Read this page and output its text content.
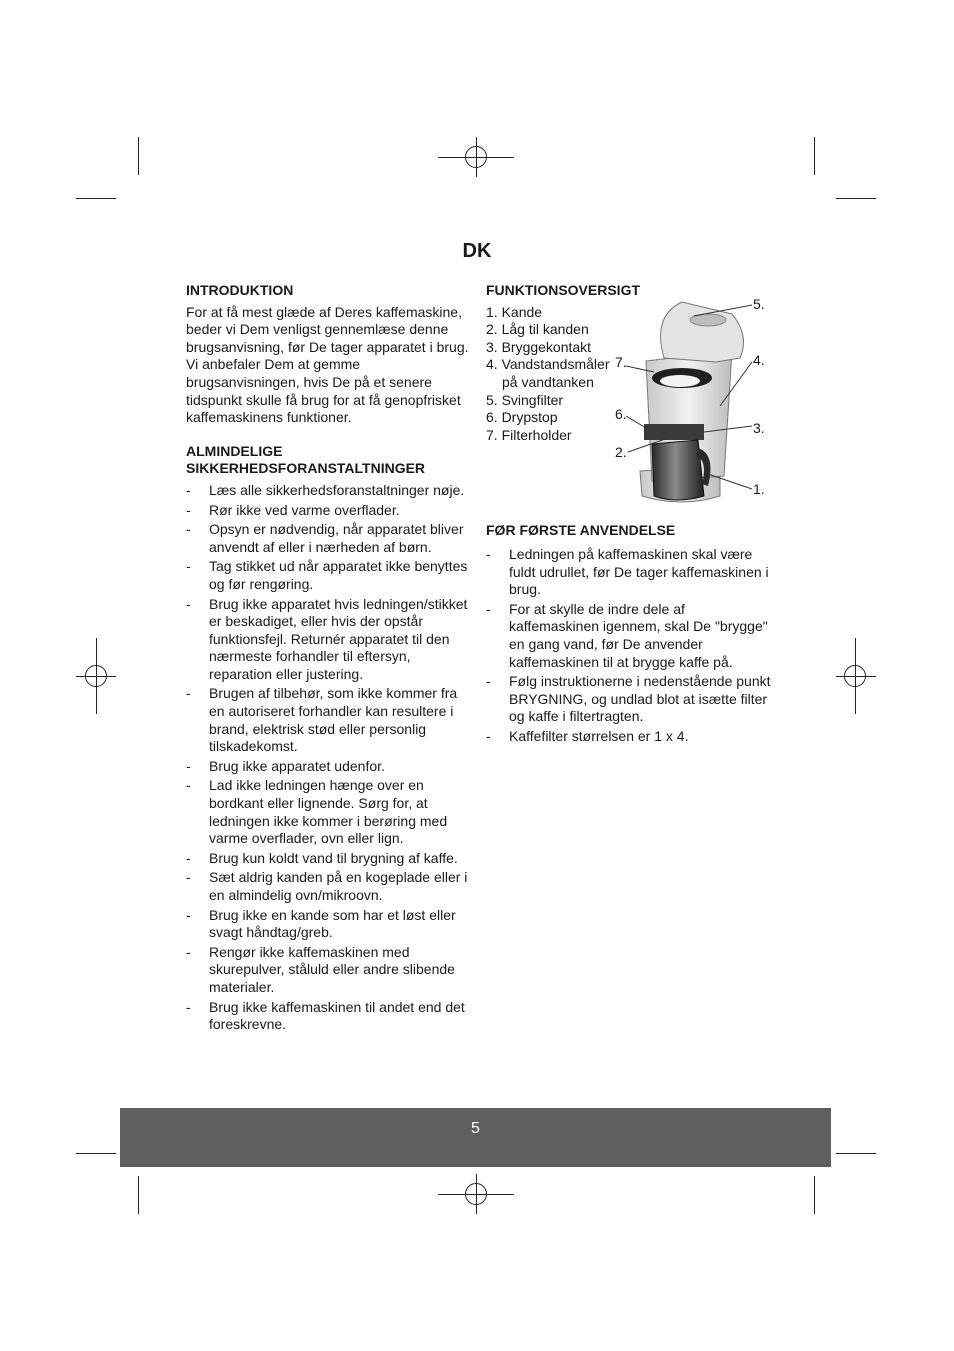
DK
INTRODUKTION

For at få mest glæde af Deres kaffemaskine, beder vi Dem venligst gennemlæse denne brugsanvisning, før De tager apparatet i brug.

Vi anbefaler Dem at gemme brugsanvisningen, hvis De på et senere tidspunkt skulle få brug for at få genopfrisket kaffemaskinens funktioner.

ALMINDELIGE
SIKKERHEDSFORANSTALTNINGER
- Læs alle sikkerhedsforanstaltninger nøje.
- Rør ikke ved varme overflader.
- Opsyn er nødvendig, når apparatet bliver anvendt af eller i nærheden af børn.
- Tag stikket ud når apparatet ikke benyttes og før rengøring.
- Brug ikke apparatet hvis ledningen/stikket er beskadiget, eller hvis der opstår funktionsfejl. Returnér apparatet til den nærmeste forhandler til eftersyn, reparation eller justering.
- Brugen af tilbehør, som ikke kommer fra en autoriseret forhandler kan resultere i brand, elektrisk stød eller personlig tilskadekomst.
- Brug ikke apparatet udenfor.
- Lad ikke ledningen hænge over en bordkant eller lignende. Sørg for, at ledningen ikke kommer i berøring med varme overflader, ovn eller lign.
- Brug kun koldt vand til brygning af kaffe.
- Sæt aldrig kanden på en kogeplade eller i en almindelig ovn/mikroovn.
- Brug ikke en kande som har et løst eller svagt håndtag/greb.
- Rengør ikke kaffemaskinen med skurepulver, ståluld eller andre slibende materialer.
- Brug ikke kaffemaskinen til andet end det foreskrevne.
FUNKTIONSOVERSIGT
1. Kande
2. Låg til kanden
3. Bryggekontakt
4. Vandstandsmåler
på vandtanken
5. Svingfilter
6. Drypstop
7. Filterholder
FØR FØRSTE ANVENDELSE
- Ledningen på kaffemaskinen skal være fuldt udrullet, før De tager kaffemaskinen i brug.
- For at skylle de indre dele af kaffemaskinen igennem, skal De "brygge" en gang vand, før De anvender kaffemaskinen til at brygge kaffe på.
- Følg instruktionerne i nedenstående punkt BRYGNING, og undlad blot at isætte filter og kaffe i filtertragten.
- Kaffefilter størrelsen er 1 x 4.
5.
4.
7.
6.
3.
2.
1.
5
